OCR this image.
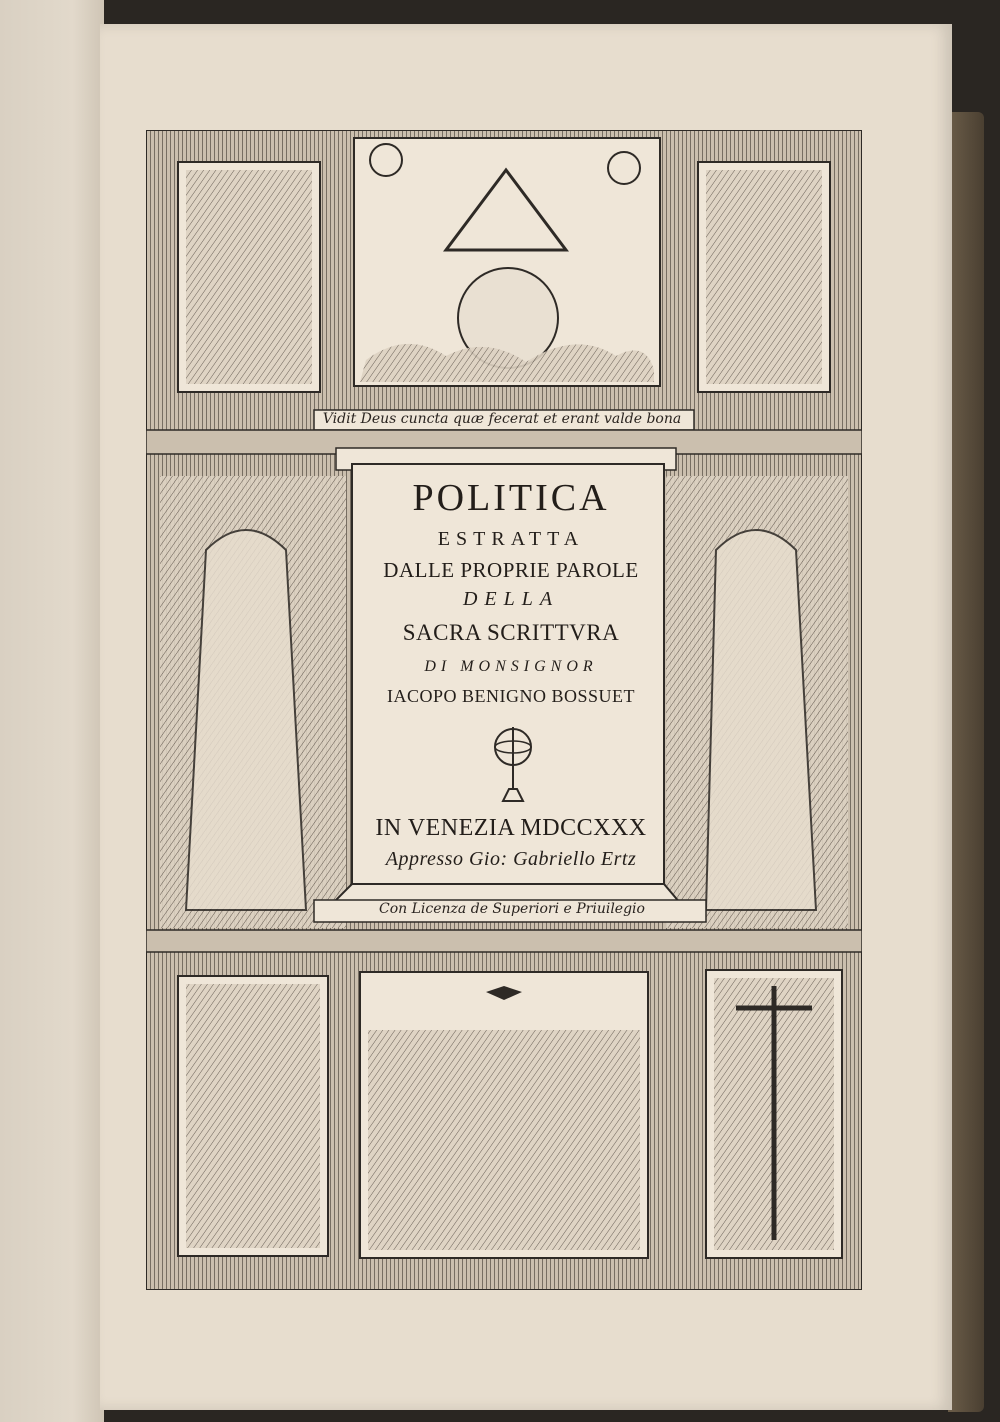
Vidit Deus cuncta quæ fecerat et erant valde bona
Con Licenza de Superiori e Priuilegio
POLITICA
ESTRATTA
DALLE PROPRIE PAROLE
DELLA
SACRA SCRITTVRA
DI MONSIGNOR
IACOPO BENIGNO BOSSUET
IN VENEZIA MDCCXXX
Appresso Gio: Gabriello Ertz
